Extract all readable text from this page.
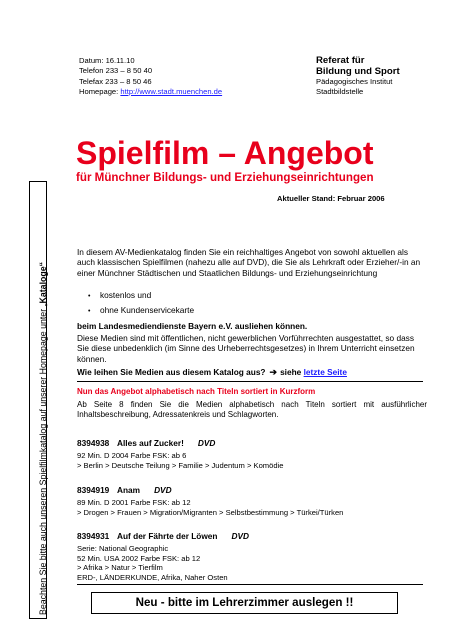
Datum: 16.11.10
Telefon 233 – 8 50 40
Telefax 233 – 8 50 46
Homepage: http://www.stadt.muenchen.de
Referat für
Bildung und Sport
Pädagogisches Institut
Stadtbildstelle
Beachten Sie bitte auch unseren Spielfilmkatalog auf unserer Homepage unter „Kataloge“
Spielfilm – Angebot
für Münchner Bildungs- und Erziehungseinrichtungen
Aktueller Stand: Februar 2006
In diesem AV-Medienkatalog finden Sie ein reichhaltiges Angebot von sowohl aktuellen als auch klassischen Spielfilmen (nahezu alle auf DVD), die Sie als Lehrkraft oder Erzieher/-in an einer Münchner Städtischen und Staatlichen Bildungs- und Erziehungseinrichtung
• kostenlos und
• ohne Kundenservicekarte
beim Landesmediendienste Bayern e.V. ausliehen können.
Diese Medien sind mit öffentlichen, nicht gewerblichen Vorführrechten ausgestattet, so dass Sie diese unbedenklich (im Sinne des Urheberrechtsgesetzes) in Ihrem Unterricht einsetzen können.
Wie leihen Sie Medien aus diesem Katalog aus? ➔ siehe letzte Seite
Nun das Angebot alphabetisch nach Titeln sortiert in Kurzform
Ab Seite 8 finden Sie die Medien alphabetisch nach Titeln sortiert mit ausführlicher Inhaltsbeschreibung, Adressatenkreis und Schlagworten.
8394938 Alles auf Zucker! DVD
92 Min. D 2004 Farbe FSK: ab 6
> Berlin > Deutsche Teilung > Familie > Judentum > Komödie
8394919 Anam DVD
89 Min. D 2001 Farbe FSK: ab 12
> Drogen > Frauen > Migration/Migranten > Selbstbestimmung > Türkei/Türken
8394931 Auf der Fährte der Löwen DVD
Serie: National Geographic
52 Min. USA 2002 Farbe FSK: ab 12
> Afrika > Natur > Tierfilm
ERD-, LÄNDERKUNDE, Afrika, Naher Osten
Neu - bitte im Lehrerzimmer auslegen !!
